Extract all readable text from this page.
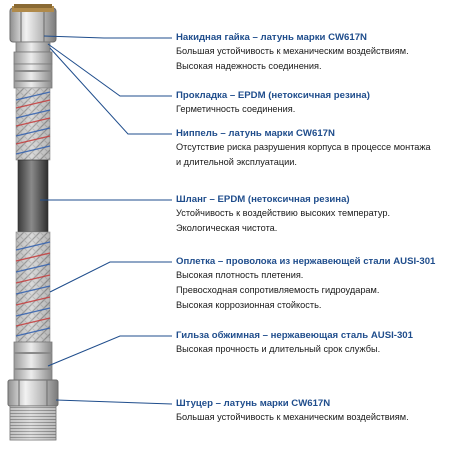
Накидная гайка – латунь марки CW617N
Большая устойчивость к механическим воздействиям.
Высокая надежность соединения.
Прокладка – EPDM (нетоксичная резина)
Герметичность соединения.
Ниппель – латунь марки CW617N
Отсутствие риска разрушения корпуса в процессе монтажа
и длительной эксплуатации.
Шланг – EPDM (нетоксичная резина)
Устойчивость к воздействию высоких температур.
Экологическая чистота.
Оплетка – проволока из нержавеющей стали AUSI-301
Высокая плотность плетения.
Превосходная сопротивляемость гидроударам.
Высокая коррозионная стойкость.
Гильза обжимная – нержавеющая сталь AUSI-301
Высокая прочность и длительный срок службы.
Штуцер – латунь марки CW617N
Большая устойчивость к механическим воздействиям.
